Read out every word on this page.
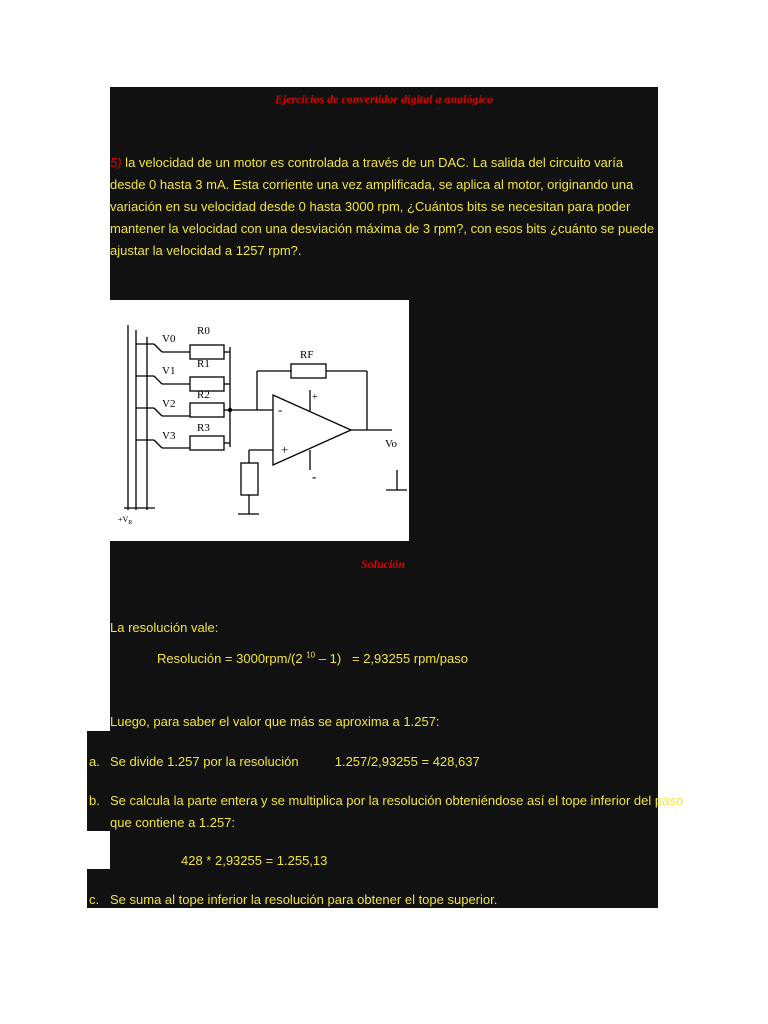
Ejercicios de convertidor digital a analógico
5) la velocidad de un motor es controlada a través de un DAC. La salida del circuito varía desde 0 hasta 3 mA. Esta corriente una vez amplificada, se aplica al motor, originando una variación en su velocidad desde 0 hasta 3000 rpm, ¿Cuántos bits se necesitan para poder mantener la velocidad con una desviación máxima de 3 rpm?, con esos bits ¿cuánto se puede ajustar la velocidad a 1257 rpm?.
V0
V1
V2
V3
R0
R1
R2
R3
RF
Vo
$+V_R$
-
+
+
-
Solución
La resolución vale:
Resolución = 3000rpm/(2 $^{10}$ – 1)   = 2,93255 rpm/paso
Luego, para saber el valor que más se aproxima a 1.257:
a. Se divide 1.257 por la resolución          1.257/2,93255 = 428,637
b. Se calcula la parte entera y se multiplica por la resolución obteniéndose así el tope inferior del paso
que contiene a 1.257:
428 * 2,93255 = 1.255,13
c. Se suma al tope inferior la resolución para obtener el tope superior.
